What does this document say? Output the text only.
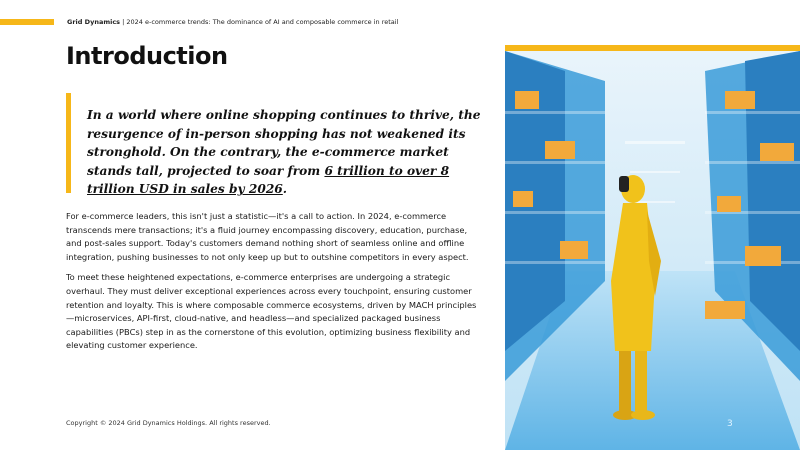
Grid Dynamics | 2024 e-commerce trends: The dominance of AI and composable commerce in retail
Introduction

In a world where online shopping continues to thrive, the resurgence of in-person shopping has not weakened its stronghold. On the contrary, the e-commerce market stands tall, projected to soar from 6 trillion to over 8 trillion USD in sales by 2026.

For e-commerce leaders, this isn't just a statistic—it's a call to action. In 2024, e-commerce transcends mere transactions; it's a fluid journey encompassing discovery, education, purchase, and post-sales support. Today's customers demand nothing short of seamless online and offline integration, pushing businesses to not only keep up but to outshine competitors in every aspect.

To meet these heightened expectations, e-commerce enterprises are undergoing a strategic overhaul. They must deliver exceptional experiences across every touchpoint, ensuring customer retention and loyalty. This is where composable commerce ecosystems, driven by MACH principles—microservices, API-first, cloud-native, and headless—and specialized packaged business capabilities (PBCs) step in as the cornerstone of this evolution, optimizing business flexibility and elevating customer experience.

Copyright © 2024 Grid Dynamics Holdings. All rights reserved.	3
